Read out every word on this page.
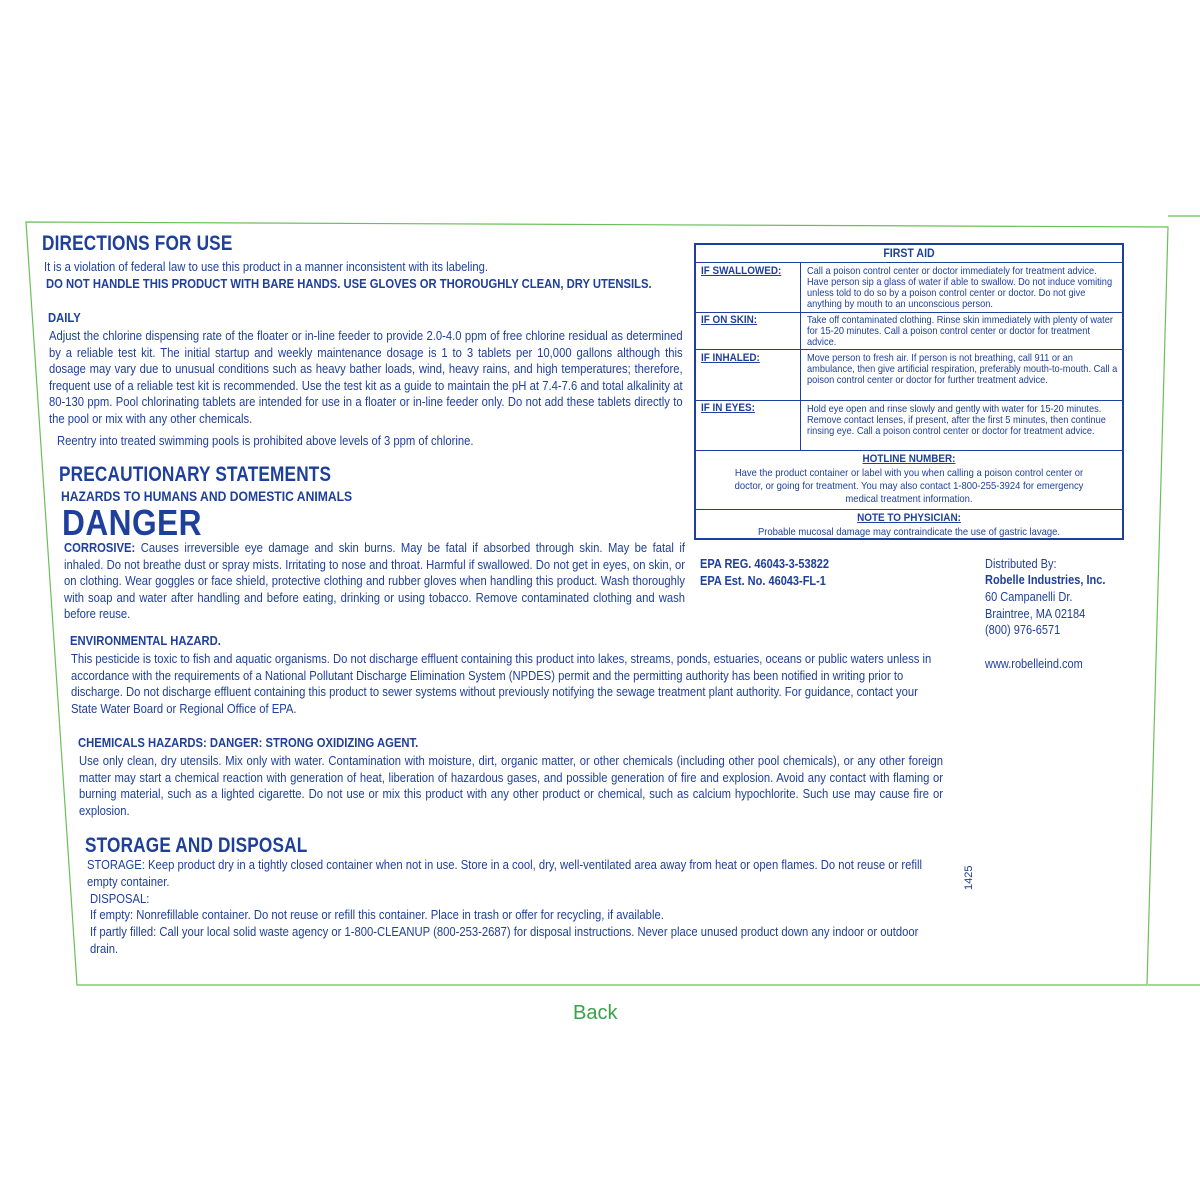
DIRECTIONS FOR USE
It is a violation of federal law to use this product in a manner inconsistent with its labeling.
DO NOT HANDLE THIS PRODUCT WITH BARE HANDS. USE GLOVES OR THOROUGHLY CLEAN, DRY UTENSILS.
DAILY
Adjust the chlorine dispensing rate of the floater or in-line feeder to provide 2.0-4.0 ppm of free chlorine residual as determined by a reliable test kit. The initial startup and weekly maintenance dosage is 1 to 3 tablets per 10,000 gallons although this dosage may vary due to unusual conditions such as heavy bather loads, wind, heavy rains, and high temperatures; therefore, frequent use of a reliable test kit is recommended. Use the test kit as a guide to maintain the pH at 7.4-7.6 and total alkalinity at 80-130 ppm. Pool chlorinating tablets are intended for use in a floater or in-line feeder only. Do not add these tablets directly to the pool or mix with any other chemicals.
Reentry into treated swimming pools is prohibited above levels of 3 ppm of chlorine.
PRECAUTIONARY STATEMENTS
HAZARDS TO HUMANS AND DOMESTIC ANIMALS
DANGER
CORROSIVE: Causes irreversible eye damage and skin burns. May be fatal if absorbed through skin. May be fatal if inhaled. Do not breathe dust or spray mists. Irritating to nose and throat. Harmful if swallowed. Do not get in eyes, on skin, or on clothing. Wear goggles or face shield, protective clothing and rubber gloves when handling this product. Wash thoroughly with soap and water after handling and before eating, drinking or using tobacco. Remove contaminated clothing and wash before reuse.
ENVIRONMENTAL HAZARD.
This pesticide is toxic to fish and aquatic organisms. Do not discharge effluent containing this product into lakes, streams, ponds, estuaries, oceans or public waters unless in accordance with the requirements of a National Pollutant Discharge Elimination System (NPDES) permit and the permitting authority has been notified in writing prior to discharge. Do not discharge effluent containing this product to sewer systems without previously notifying the sewage treatment plant authority. For guidance, contact your State Water Board or Regional Office of EPA.
CHEMICALS HAZARDS: DANGER: STRONG OXIDIZING AGENT.
Use only clean, dry utensils. Mix only with water. Contamination with moisture, dirt, organic matter, or other chemicals (including other pool chemicals), or any other foreign matter may start a chemical reaction with generation of heat, liberation of hazardous gases, and possible generation of fire and explosion. Avoid any contact with flaming or burning material, such as a lighted cigarette. Do not use or mix this product with any other product or chemical, such as calcium hypochlorite. Such use may cause fire or explosion.
STORAGE AND DISPOSAL
STORAGE: Keep product dry in a tightly closed container when not in use. Store in a cool, dry, well-ventilated area away from heat or open flames. Do not reuse or refill empty container.
DISPOSAL:
If empty: Nonrefillable container. Do not reuse or refill this container. Place in trash or offer for recycling, if available.
If partly filled: Call your local solid waste agency or 1-800-CLEANUP (800-253-2687) for disposal instructions. Never place unused product down any indoor or outdoor drain.
FIRST AID
IF SWALLOWED: Call a poison control center or doctor immediately for treatment advice. Have person sip a glass of water if able to swallow. Do not induce vomiting unless told to do so by a poison control center or doctor. Do not give anything by mouth to an unconscious person.
IF ON SKIN:	Take off contaminated clothing. Rinse skin immediately with plenty of water for 15-20 minutes. Call a poison control center or doctor for treatment advice.
IF INHALED:	Move person to fresh air. If person is not breathing, call 911 or an ambulance, then give artificial respiration, preferably mouth-to-mouth. Call a poison control center or doctor for further treatment advice.
IF IN EYES:	Hold eye open and rinse slowly and gently with water for 15-20 minutes. Remove contact lenses, if present, after the first 5 minutes, then continue rinsing eye. Call a poison control center or doctor for treatment advice.
HOTLINE NUMBER:
Have the product container or label with you when calling a poison control center or doctor, or going for treatment. You may also contact 1-800-255-3924 for emergency medical treatment information.
NOTE TO PHYSICIAN:
Probable mucosal damage may contraindicate the use of gastric lavage.
EPA REG. 46043-3-53822
EPA Est. No. 46043-FL-1
Distributed By:
Robelle Industries, Inc.
60 Campanelli Dr.
Braintree, MA 02184
(800) 976-6571
www.robelleind.com
1425
Back
